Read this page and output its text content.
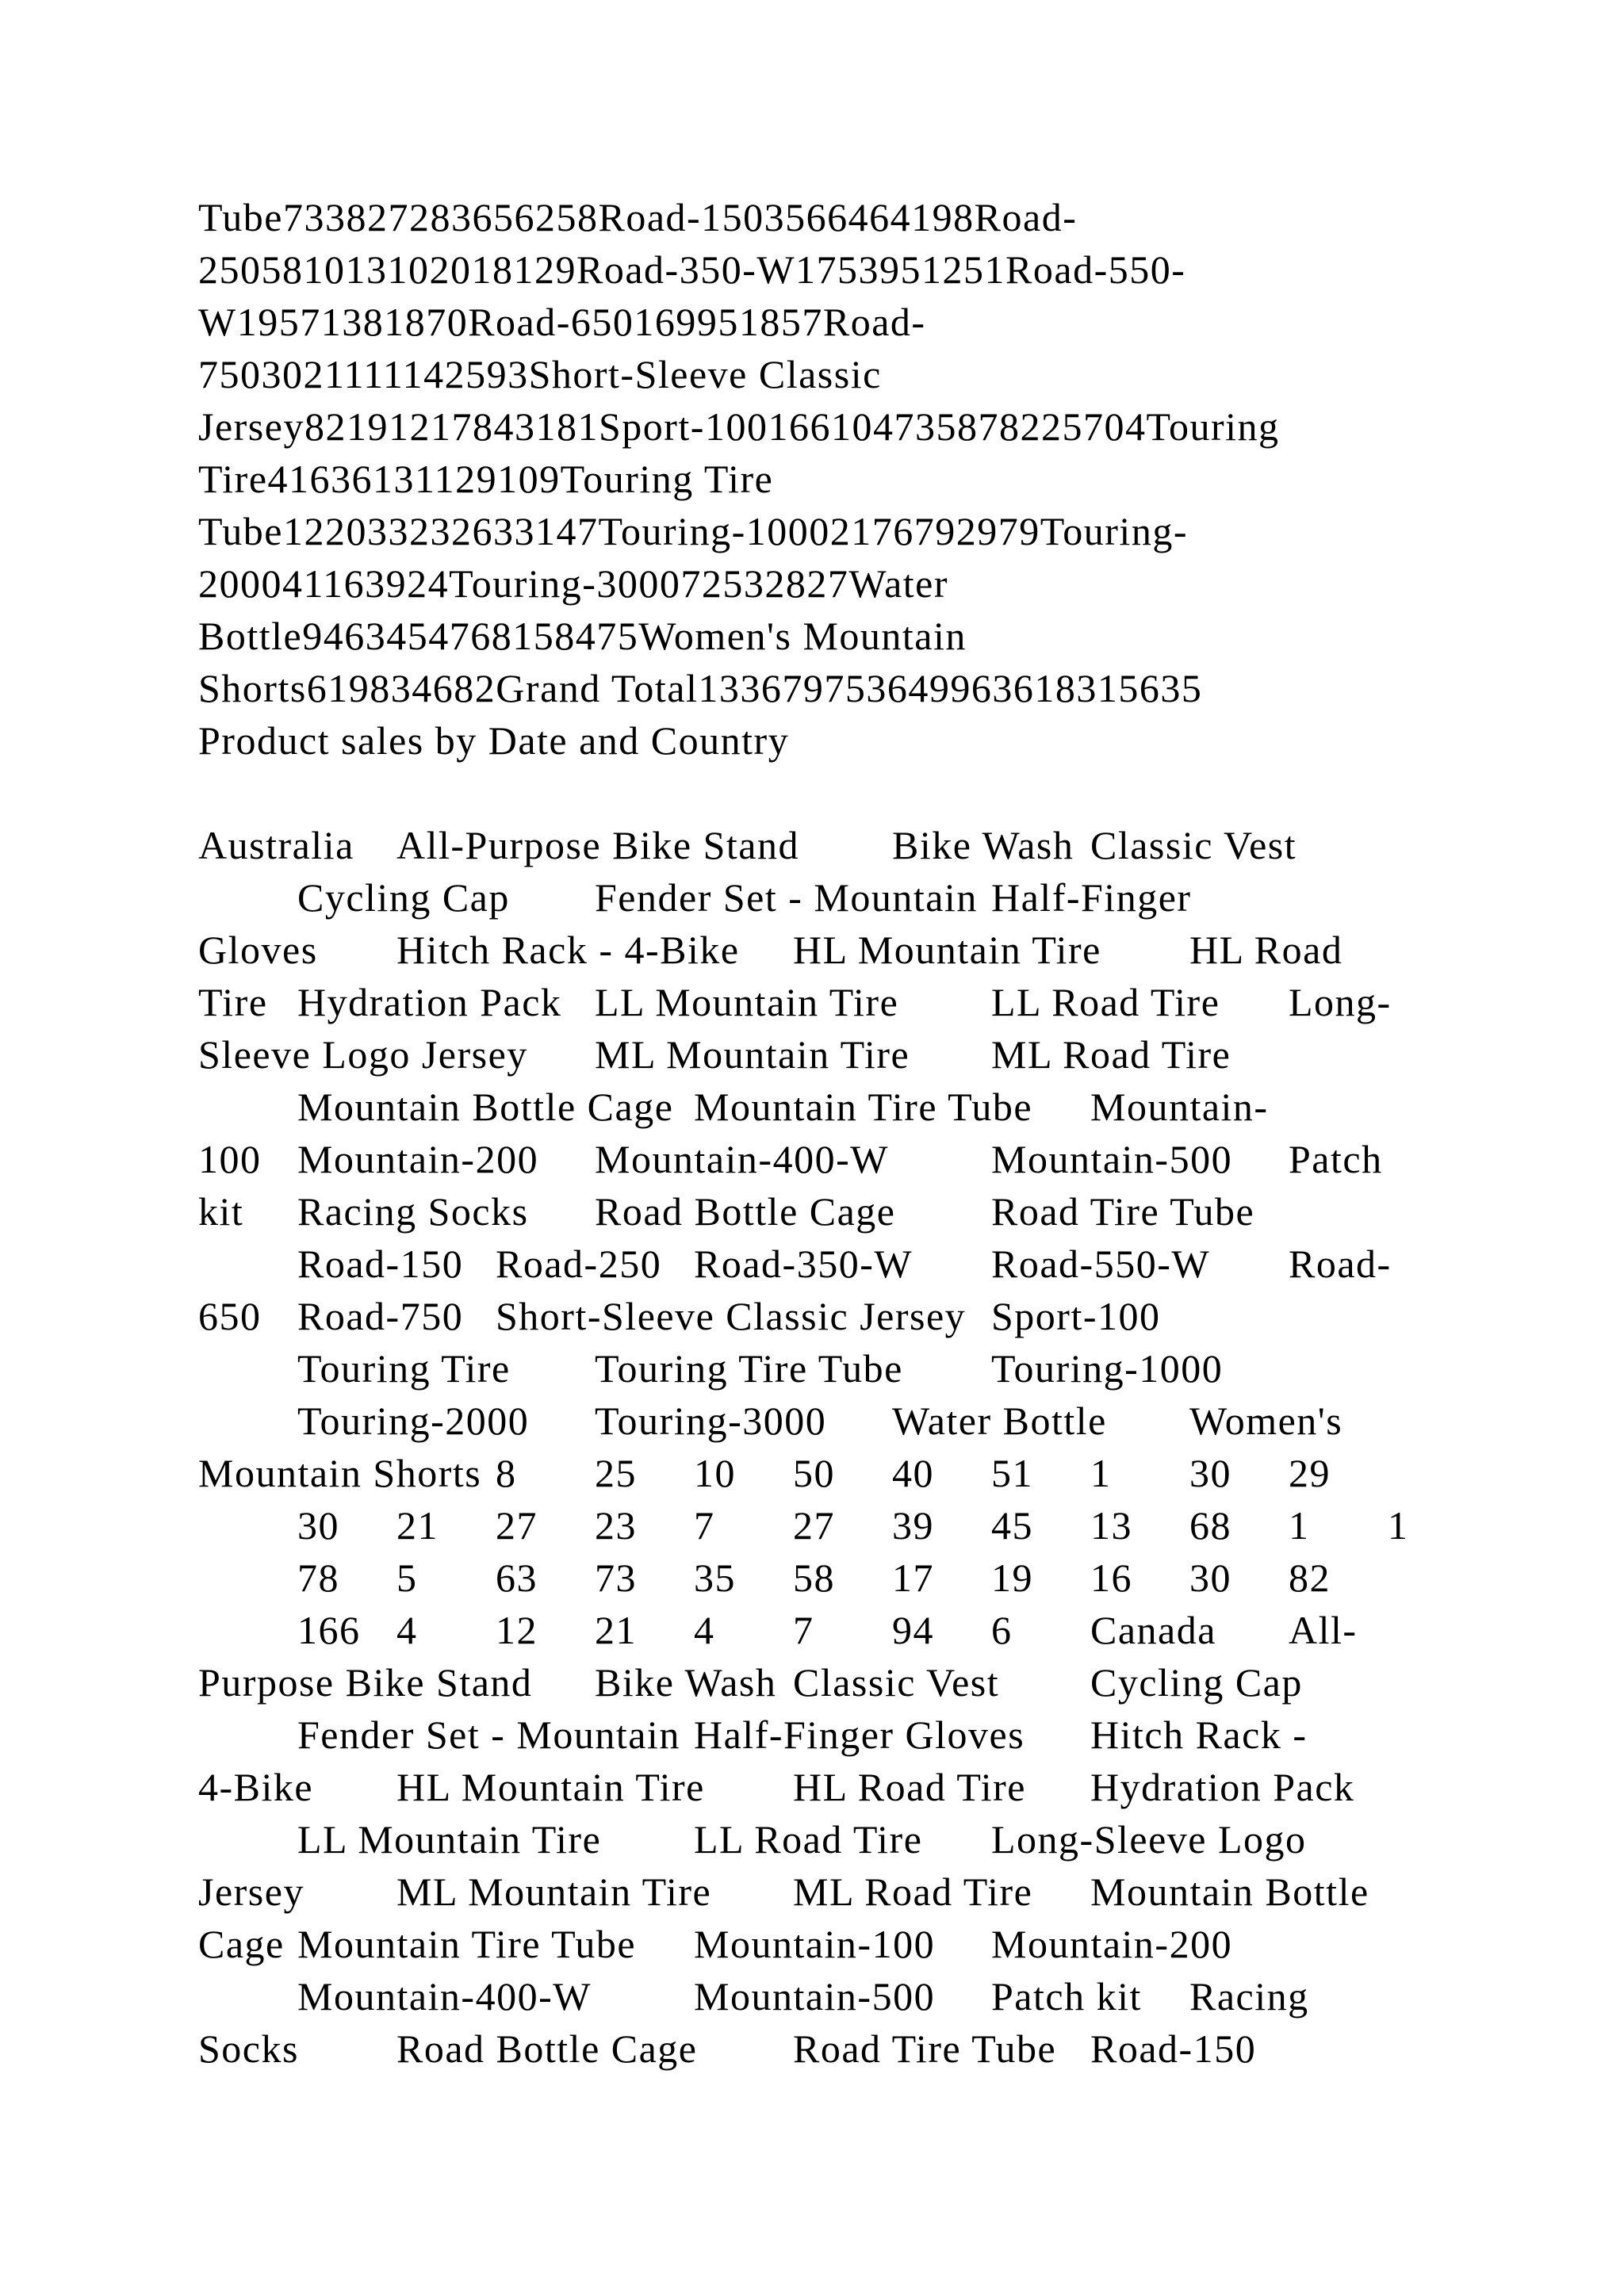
Tube733827283656258Road-1503566464198Road-
250581013102018129Road-350-W1753951251Road-550-
W19571381870Road-650169951857Road-
7503021111142593Short-Sleeve Classic
Jersey82191217843181Sport-100166104735878225704Touring
Tire41636131129109Touring Tire
Tube122033232633147Touring-10002176792979Touring-
200041163924Touring-300072532827Water
Bottle9463454768158475Women's Mountain
Shorts619834682Grand Total133679753649963618315635
Product sales by Date and Country
Australia All-Purpose Bike Stand Bike Wash Classic Vest
Cycling Cap Fender Set - Mountain Half-Finger
Gloves Hitch Rack - 4-Bike HL Mountain Tire HL Road
Tire Hydration Pack LL Mountain Tire LL Road Tire Long-
Sleeve Logo Jersey ML Mountain Tire ML Road Tire
Mountain Bottle Cage Mountain Tire Tube Mountain-
100 Mountain-200 Mountain-400-W	Mountain-500 Patch
kit Racing Socks Road Bottle Cage Road Tire Tube
Road-150 Road-250 Road-350-W Road-550-W Road-
650 Road-750 Short-Sleeve Classic Jersey Sport-100
Touring Tire Touring Tire Tube Touring-1000
Touring-2000 Touring-3000 Water Bottle Women's
Mountain Shorts 8 25 10 50 40 51 1 30 29
30 21 27 23 7 27 39 45 13 68 1 1
78 5 63 73 35 58 17 19 16 30 82
166 4 12 21 4 7 94 6 Canada All-
Purpose Bike Stand Bike Wash Classic Vest Cycling Cap
Fender Set - Mountain Half-Finger Gloves Hitch Rack -
4-Bike HL Mountain Tire HL Road Tire Hydration Pack
LL Mountain Tire LL Road Tire Long-Sleeve Logo
Jersey ML Mountain Tire ML Road Tire Mountain Bottle
Cage Mountain Tire Tube Mountain-100 Mountain-200
Mountain-400-W	Mountain-500 Patch kit Racing
Socks Road Bottle Cage Road Tire Tube Road-150
